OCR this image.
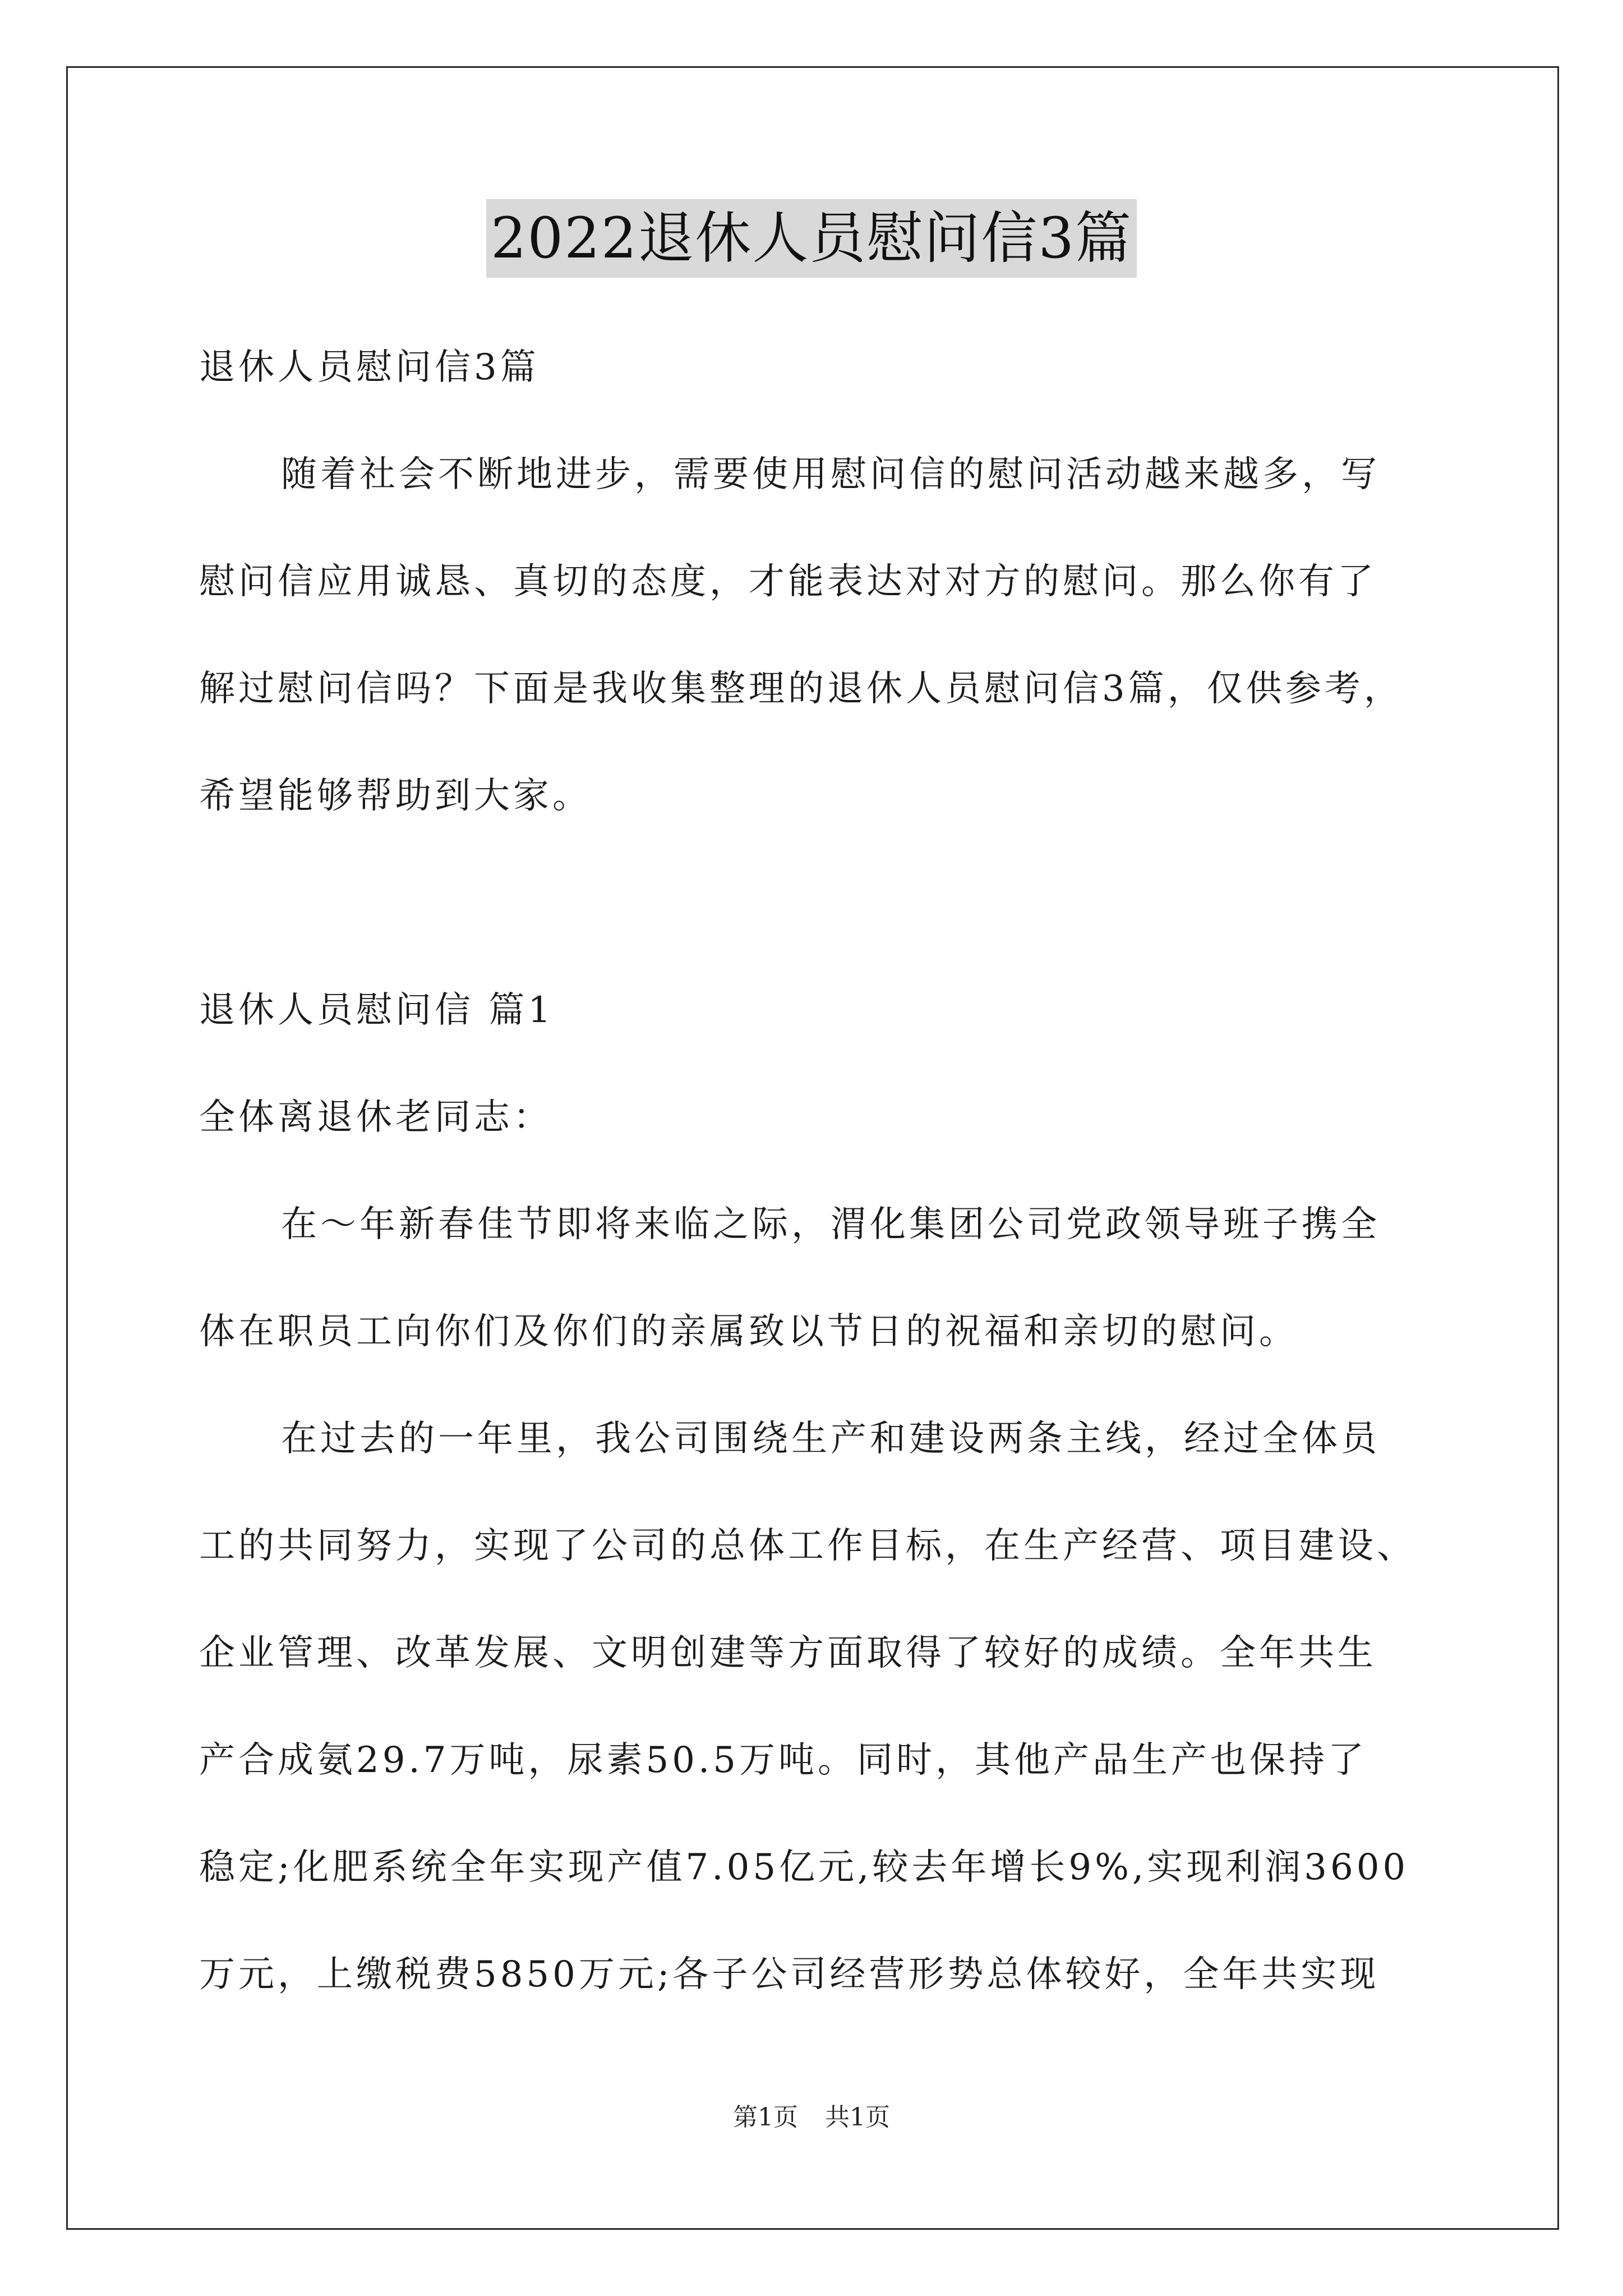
2022退休人员慰问信3篇
退休人员慰问信3篇
随着社会不断地进步，需要使用慰问信的慰问活动越来越多，写
慰问信应用诚恳、真切的态度，才能表达对对方的慰问。那么你有了
解过慰问信吗？下面是我收集整理的退休人员慰问信3篇，仅供参考，
希望能够帮助到大家。
退休人员慰问信 篇1
全体离退休老同志：
在～年新春佳节即将来临之际，渭化集团公司党政领导班子携全
体在职员工向你们及你们的亲属致以节日的祝福和亲切的慰问。
在过去的一年里，我公司围绕生产和建设两条主线，经过全体员
工的共同努力，实现了公司的总体工作目标，在生产经营、项目建设、
企业管理、改革发展、文明创建等方面取得了较好的成绩。全年共生
产合成氨29.7万吨，尿素50.5万吨。同时，其他产品生产也保持了
稳定;化肥系统全年实现产值7.05亿元,较去年增长9%,实现利润3600
万元，上缴税费5850万元;各子公司经营形势总体较好，全年共实现
第1页 共1页
